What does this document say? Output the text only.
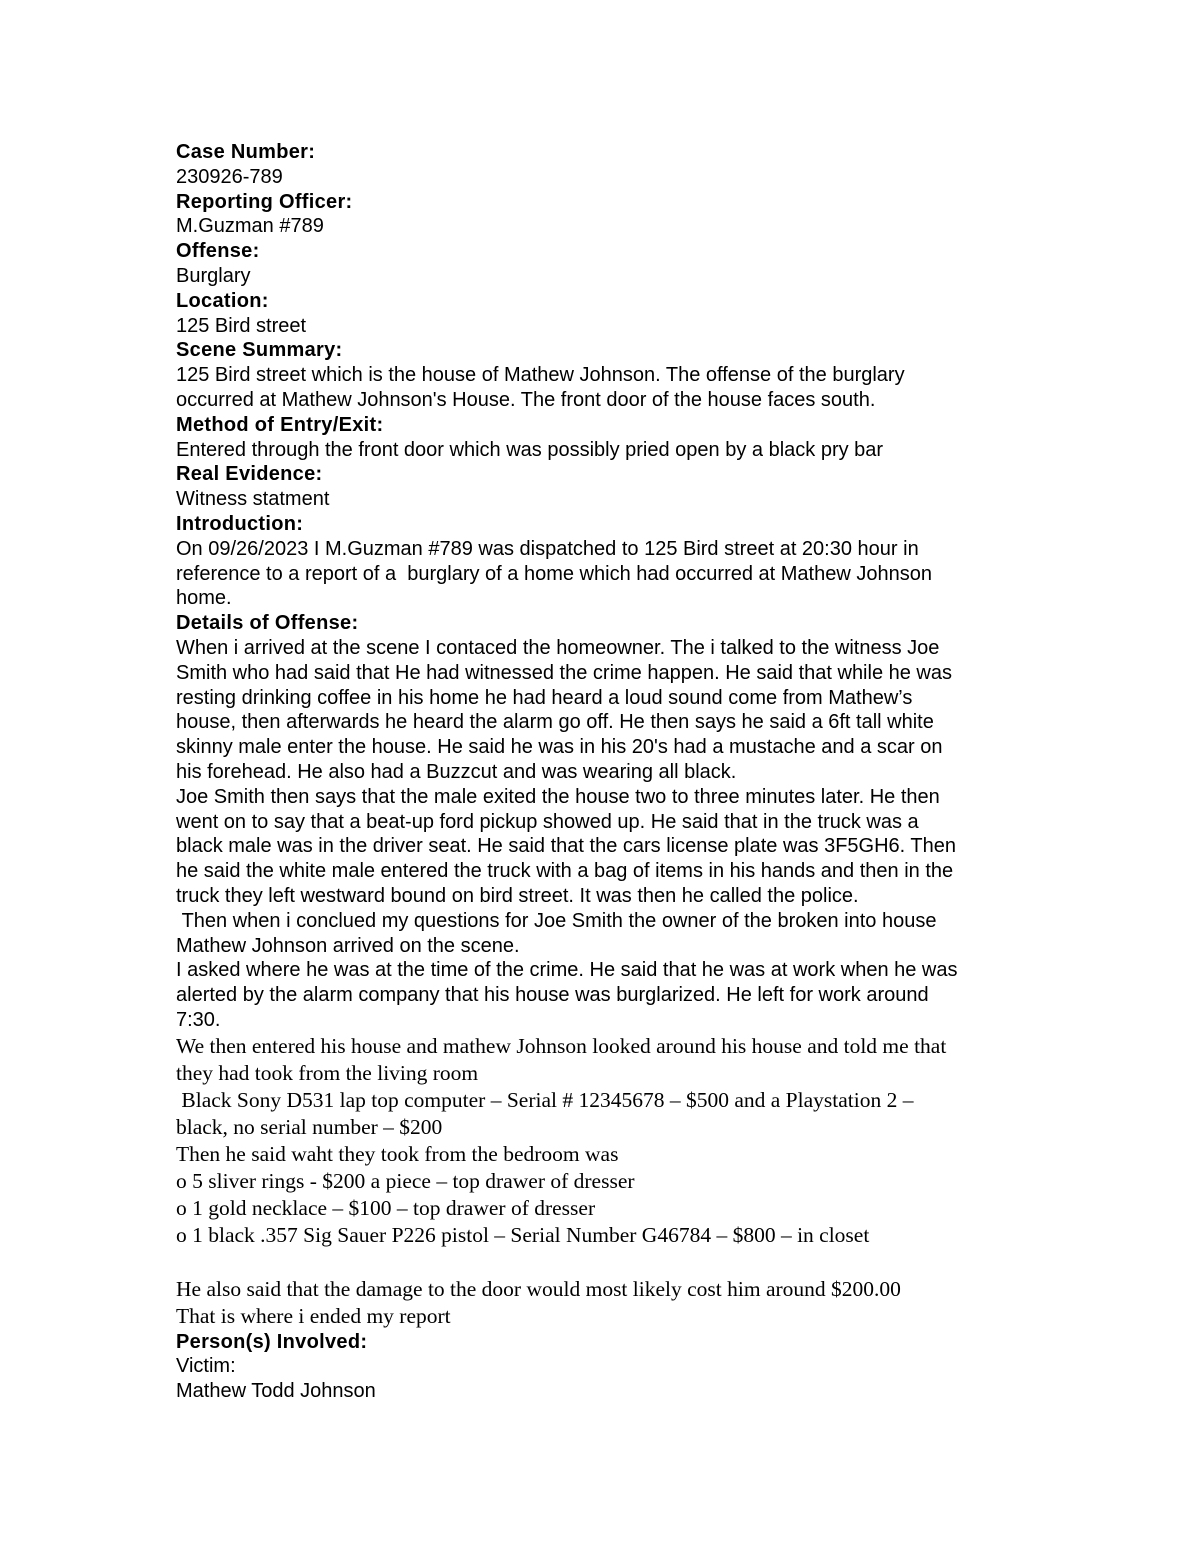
Case Number:

230926-789

Reporting Officer:

M.Guzman #789

Offense:

Burglary

Location:

125 Bird street

Scene Summary:

125 Bird street which is the house of Mathew Johnson. The offense of the burglary

occurred at Mathew Johnson's House. The front door of the house faces south.

Method of Entry/Exit:

Entered through the front door which was possibly pried open by a black pry bar

Real Evidence:

Witness statment

Introduction:

On 09/26/2023 I M.Guzman #789 was dispatched to 125 Bird street at 20:30 hour in

reference to a report of a  burglary of a home which had occurred at Mathew Johnson

home.

Details of Offense:

When i arrived at the scene I contaced the homeowner. The i talked to the witness Joe

Smith who had said that He had witnessed the crime happen. He said that while he was

resting drinking coffee in his home he had heard a loud sound come from Mathew’s

house, then afterwards he heard the alarm go off. He then says he said a 6ft tall white

skinny male enter the house. He said he was in his 20's had a mustache and a scar on

his forehead. He also had a Buzzcut and was wearing all black.

Joe Smith then says that the male exited the house two to three minutes later. He then

went on to say that a beat-up ford pickup showed up. He said that in the truck was a

black male was in the driver seat. He said that the cars license plate was 3F5GH6. Then

he said the white male entered the truck with a bag of items in his hands and then in the

truck they left westward bound on bird street. It was then he called the police.

Then when i conclued my questions for Joe Smith the owner of the broken into house

Mathew Johnson arrived on the scene.

I asked where he was at the time of the crime. He said that he was at work when he was

alerted by the alarm company that his house was burglarized. He left for work around

7:30.

We then entered his house and mathew Johnson looked around his house and told me that

they had took from the living room

Black Sony D531 lap top computer – Serial # 12345678 – $500 and a Playstation 2 –

black, no serial number – $200

Then he said waht they took from the bedroom was

o 5 sliver rings - $200 a piece – top drawer of dresser

o 1 gold necklace – $100 – top drawer of dresser

o 1 black .357 Sig Sauer P226 pistol – Serial Number G46784 – $800 – in closet

He also said that the damage to the door would most likely cost him around $200.00

That is where i ended my report

Person(s) Involved:

Victim:

Mathew Todd Johnson
